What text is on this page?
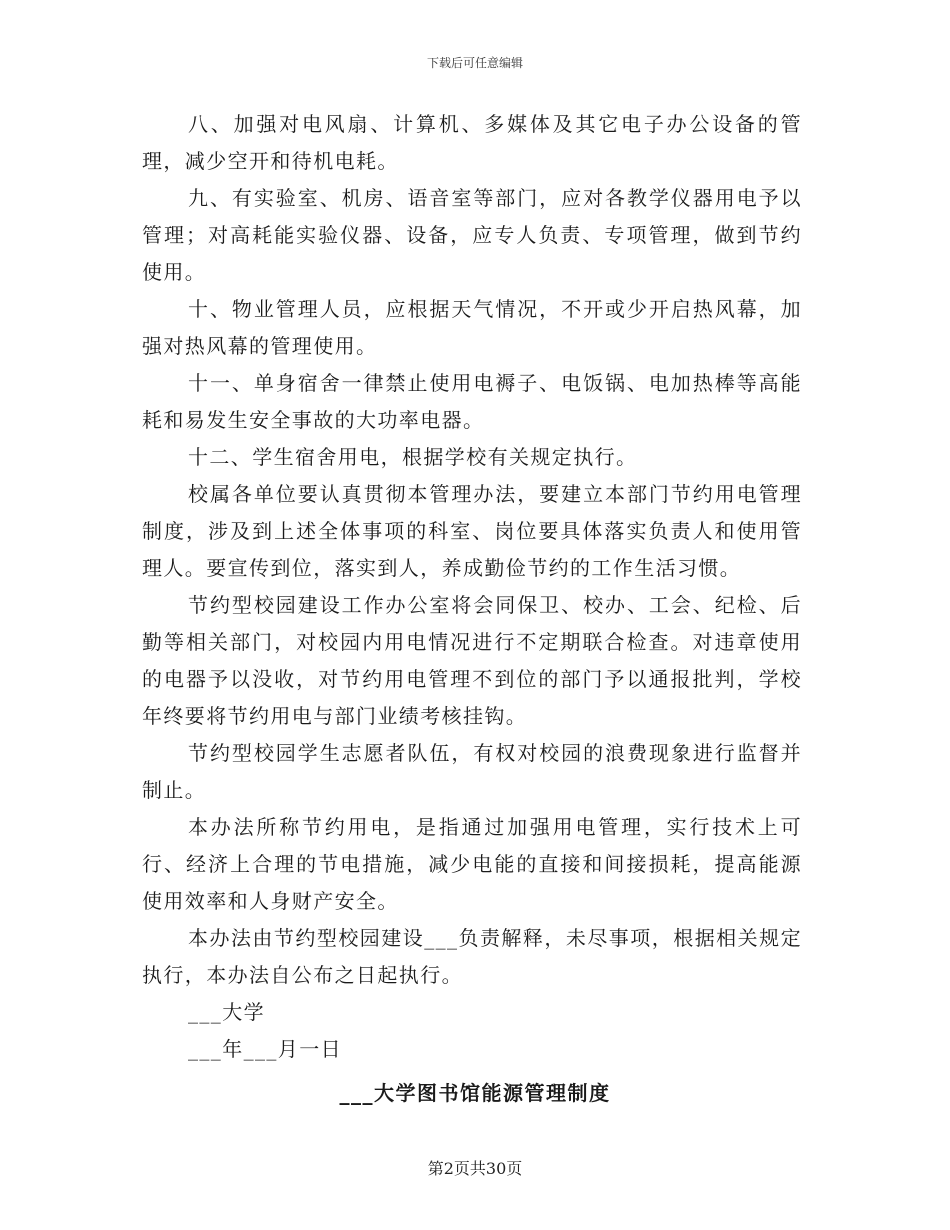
下载后可任意编辑

八、加强对电风扇、计算机、多媒体及其它电子办公设备的管理，减少空开和待机电耗。

九、有实验室、机房、语音室等部门，应对各教学仪器用电予以管理；对高耗能实验仪器、设备，应专人负责、专项管理，做到节约使用。

十、物业管理人员，应根据天气情况，不开或少开启热风幕，加强对热风幕的管理使用。

十一、单身宿舍一律禁止使用电褥子、电饭锅、电加热棒等高能耗和易发生安全事故的大功率电器。

十二、学生宿舍用电，根据学校有关规定执行。

校属各单位要认真贯彻本管理办法，要建立本部门节约用电管理制度，涉及到上述全体事项的科室、岗位要具体落实负责人和使用管理人。要宣传到位，落实到人，养成勤俭节约的工作生活习惯。

节约型校园建设工作办公室将会同保卫、校办、工会、纪检、后勤等相关部门，对校园内用电情况进行不定期联合检查。对违章使用的电器予以没收，对节约用电管理不到位的部门予以通报批判，学校年终要将节约用电与部门业绩考核挂钩。

节约型校园学生志愿者队伍，有权对校园的浪费现象进行监督并制止。

本办法所称节约用电，是指通过加强用电管理，实行技术上可行、经济上合理的节电措施，减少电能的直接和间接损耗，提高能源使用效率和人身财产安全。

本办法由节约型校园建设___负责解释，未尽事项，根据相关规定执行，本办法自公布之日起执行。

___大学

___年___月一日

___大学图书馆能源管理制度
第2页共30页
